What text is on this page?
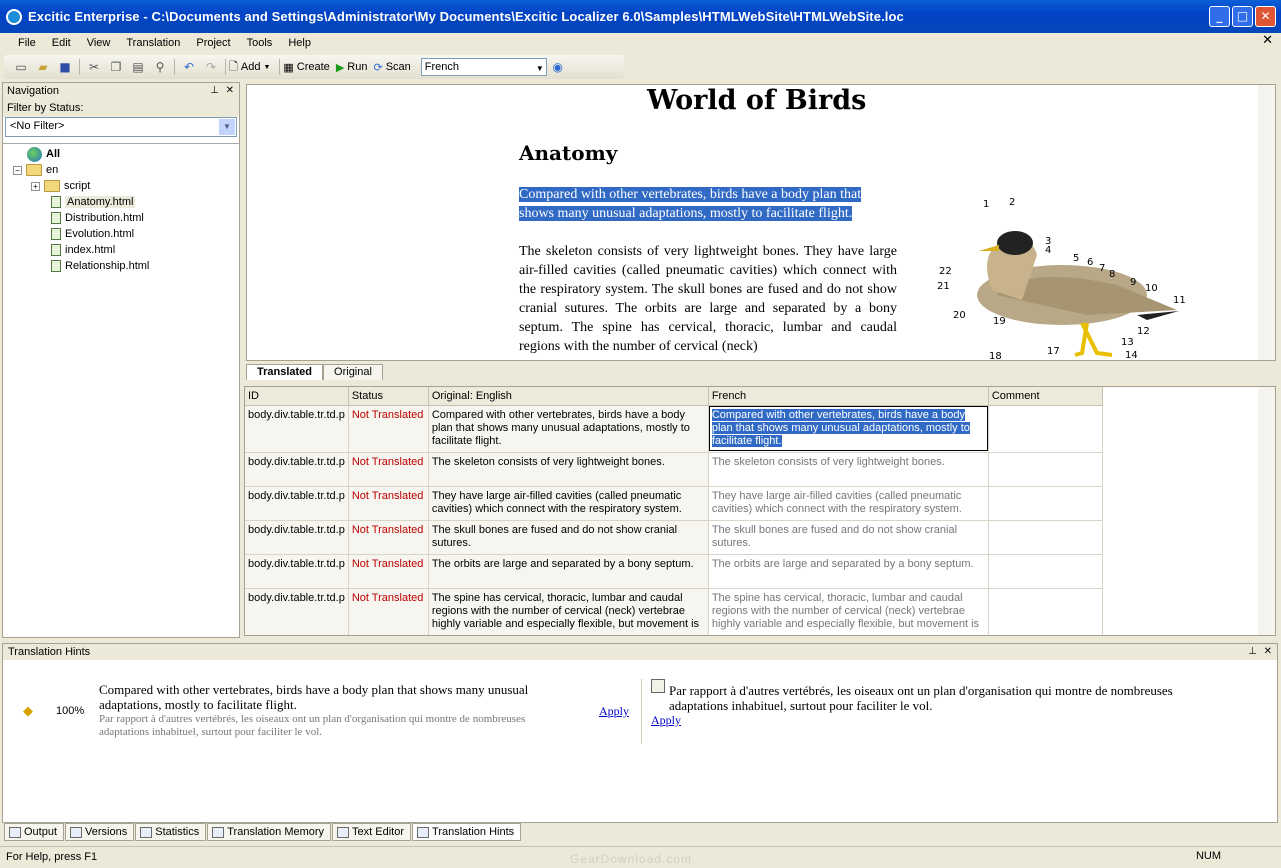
Excitic Enterprise - C:\Documents and Settings\Administrator\My Documents\Excitic Localizer 6.0\Samples\HTMLWebSite\HTMLWebSite.loc	_	□	✕
File	Edit	View	Translation	Project	Tools	Help	✕
▭ ▰ ■	✂ ❐ ▤ ⚲	↶ ↷	🗋 Add ▼ ▦ Create ▶ Run ⟳ Scan	French	▼ ◉
Navigation	⊥ ✕
Filter by Status:
<No Filter>	▼
All
− en
+ script
Anatomy.html
Distribution.html
Evolution.html
index.html
Relationship.html
World of Birds
Anatomy
Compared with other vertebrates, birds have a body plan that shows many unusual adaptations, mostly to facilitate flight.
The skeleton consists of very lightweight bones. They have large air-filled cavities (called pneumatic cavities) which connect with the respiratory system. The skull bones are fused and do not show cranial sutures. The orbits are large and separated by a bony septum. The spine has cervical, thoracic, lumbar and caudal regions with the number of cervical (neck)
1 2
3
4
5 6
7
8
9
10
11
12
13
14
17
18
19
20
21
22
Translated	Original
ID	Status	Original: English	French	Comment
body.div.table.tr.td.p	Not Translated	Compared with other vertebrates, birds have a body plan that shows many unusual adaptations, mostly to facilitate flight.	Compared with other vertebrates, birds have a body plan that shows many unusual adaptations, mostly to facilitate flight.	

body.div.table.tr.td.p	Not Translated	The skeleton consists of very lightweight bones.	The skeleton consists of very lightweight bones.	
body.div.table.tr.td.p	Not Translated	They have large air-filled cavities (called pneumatic cavities) which connect with the respiratory system.	They have large air-filled cavities (called pneumatic cavities) which connect with the respiratory system.	
body.div.table.tr.td.p	Not Translated	The skull bones are fused and do not show cranial sutures.	The skull bones are fused and do not show cranial sutures.	
body.div.table.tr.td.p	Not Translated	The orbits are large and separated by a bony septum.	The orbits are large and separated by a bony septum.	
body.div.table.tr.td.p	Not Translated	The spine has cervical, thoracic, lumbar and caudal regions with the number of cervical (neck) vertebrae highly variable and especially flexible, but movement is	The spine has cervical, thoracic, lumbar and caudal regions with the number of cervical (neck) vertebrae highly variable and especially flexible, but movement is	
Translation Hints	⊥ ✕
◆ 100%
Compared with other vertebrates, birds have a body plan that shows many unusual adaptations, mostly to facilitate flight.
Par rapport à d'autres vertébrés, les oiseaux ont un plan d'organisation qui montre de nombreuses adaptations inhabituel, surtout pour faciliter le vol.
Apply
Par rapport à d'autres vertébrés, les oiseaux ont un plan d'organisation qui montre de nombreuses adaptations inhabituel, surtout pour faciliter le vol.
Apply
Output	Versions	Statistics	Translation Memory	Text Editor	Translation Hints
For Help, press F1	GearDownload.com	NUM
